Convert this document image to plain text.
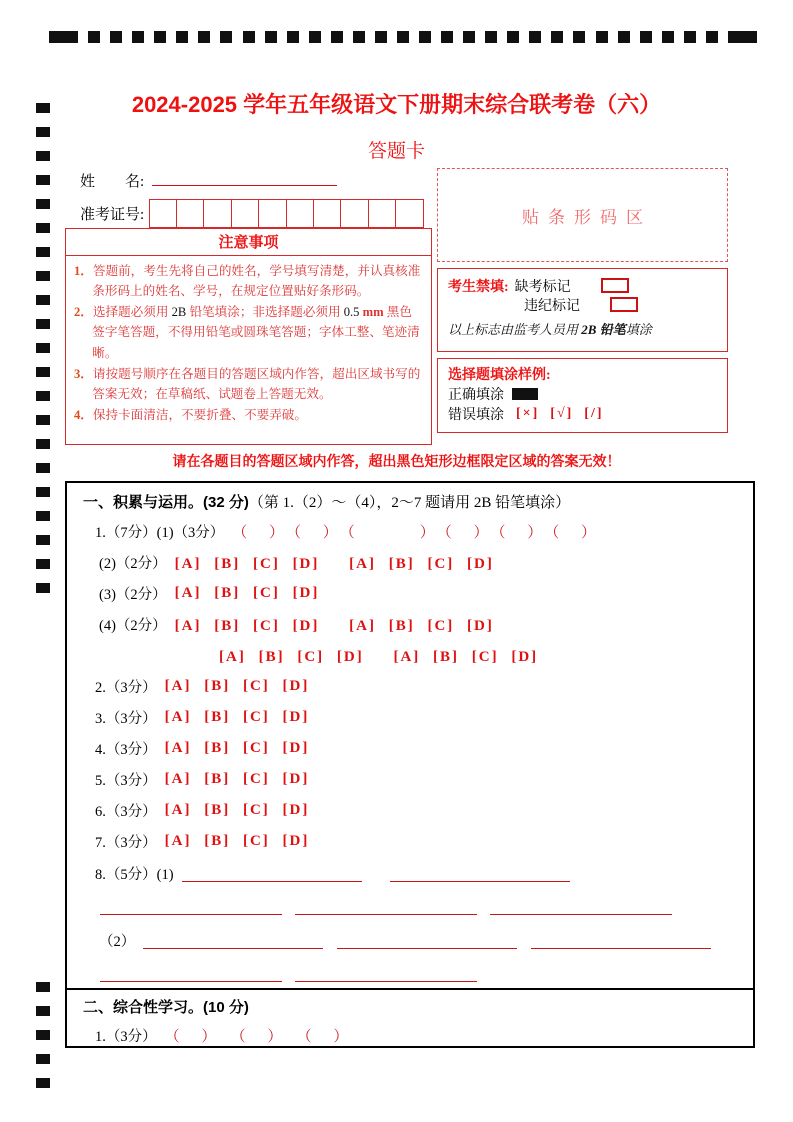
2024-2025 学年五年级语文下册期末综合联考卷（六）
答题卡
姓　　名:
准考证号:
注意事项
1．答题前，考生先将自己的姓名，学号填写清楚，并认真核准条形码上的姓名、学号，在规定位置贴好条形码。
2．选择题必须用 2B 铅笔填涂；非选择题必须用 0.5 mm 黑色签字笔答题，不得用铅笔或圆珠笔答题；字体工整、笔迹清晰。
3．请按题号顺序在各题目的答题区域内作答，超出区域书写的答案无效；在草稿纸、试题卷上答题无效。
4．保持卡面清洁，不要折叠、不要弄破。
贴条形码区
考生禁填: 缺考标记
违纪标记
以上标志由监考人员用 2B 铅笔填涂
选择题填涂样例:
正确填涂
错误填涂 [×]  [√]  [/]
请在各题目的答题区域内作答，超出黑色矩形边框限定区域的答案无效！
一、积累与运用。(32 分)（第 1.（2）～（4），2～7 题请用 2B 铅笔填涂）
1.（7分）(1)（3分） （　 ）　（　 ）　（　　　　）　（　 ）　（　 ）　（　 ）
(2)（2分） [A] [B] [C] [D]　 [A] [B] [C] [D]
(3)（2分） [A] [B] [C] [D]
(4)（2分） [A] [B] [C] [D]　 [A] [B] [C] [D]
[A] [B] [C] [D]　 [A] [B] [C] [D]
2.（3分） [A] [B] [C] [D]
3.（3分） [A] [B] [C] [D]
4.（3分） [A] [B] [C] [D]
5.（3分） [A] [B] [C] [D]
6.（3分） [A] [B] [C] [D]
7.（3分） [A] [B] [C] [D]
8.（5分）(1)
（2）
二、综合性学习。(10 分)
1.（3分） （　 ）　 （　 ）　 （　 ）
